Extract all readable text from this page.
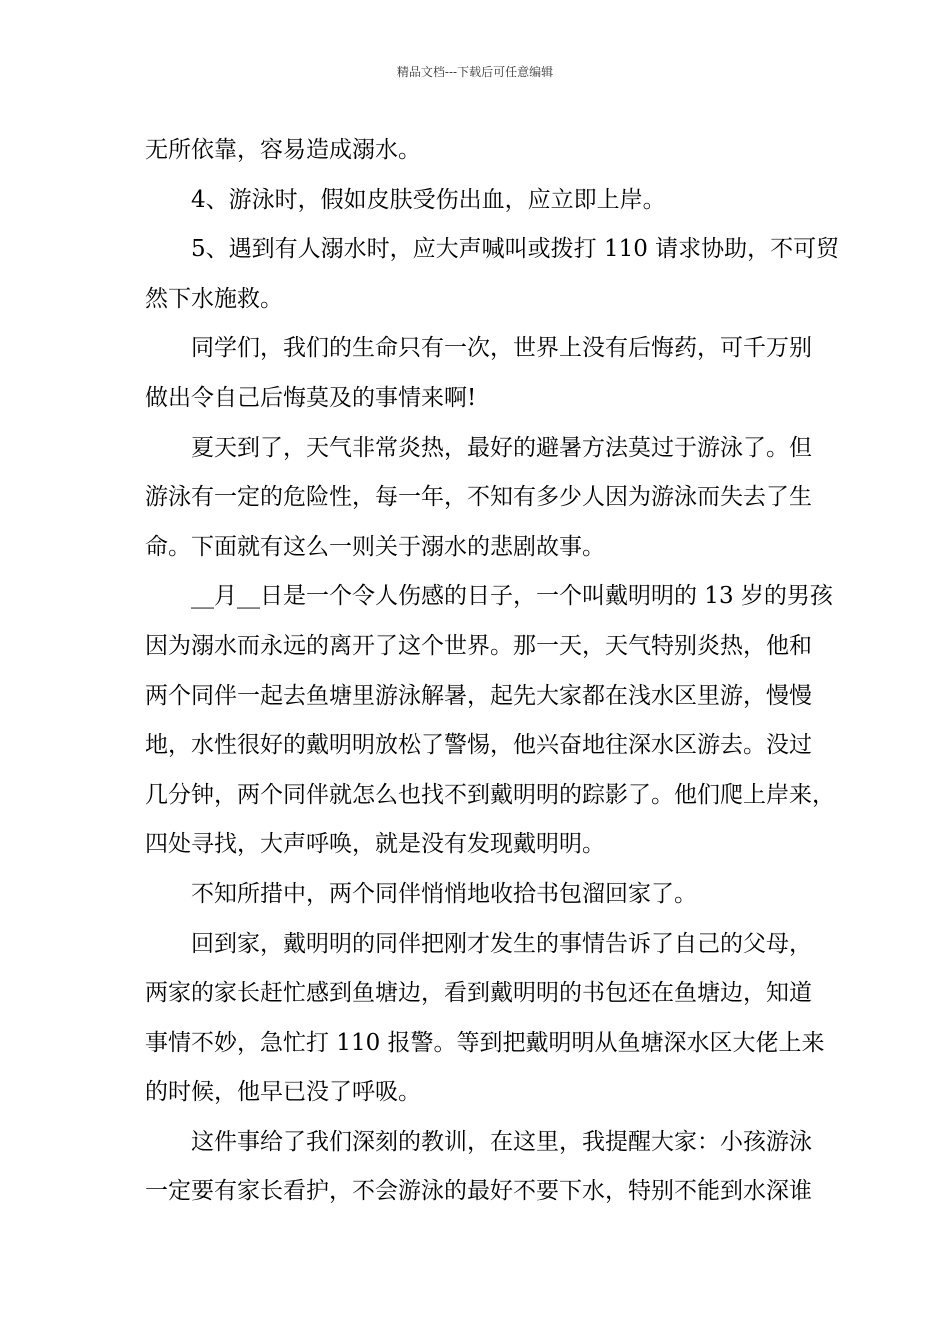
精品文档---下载后可任意编辑
无所依靠，容易造成溺水。
4、游泳时，假如皮肤受伤出血，应立即上岸。
5、遇到有人溺水时，应大声喊叫或拨打 110 请求协助，不可贸
然下水施救。
同学们，我们的生命只有一次，世界上没有后悔药，可千万别
做出令自己后悔莫及的事情来啊!
夏天到了，天气非常炎热，最好的避暑方法莫过于游泳了。但
游泳有一定的危险性，每一年，不知有多少人因为游泳而失去了生
命。下面就有这么一则关于溺水的悲剧故事。
__月__日是一个令人伤感的日子，一个叫戴明明的 13 岁的男孩
因为溺水而永远的离开了这个世界。那一天，天气特别炎热，他和
两个同伴一起去鱼塘里游泳解暑，起先大家都在浅水区里游，慢慢
地，水性很好的戴明明放松了警惕，他兴奋地往深水区游去。没过
几分钟，两个同伴就怎么也找不到戴明明的踪影了。他们爬上岸来，
四处寻找，大声呼唤，就是没有发现戴明明。
不知所措中，两个同伴悄悄地收拾书包溜回家了。
回到家，戴明明的同伴把刚才发生的事情告诉了自己的父母，
两家的家长赶忙感到鱼塘边，看到戴明明的书包还在鱼塘边，知道
事情不妙，急忙打 110 报警。等到把戴明明从鱼塘深水区大佬上来
的时候，他早已没了呼吸。
这件事给了我们深刻的教训，在这里，我提醒大家：小孩游泳
一定要有家长看护，不会游泳的最好不要下水，特别不能到水深谁
